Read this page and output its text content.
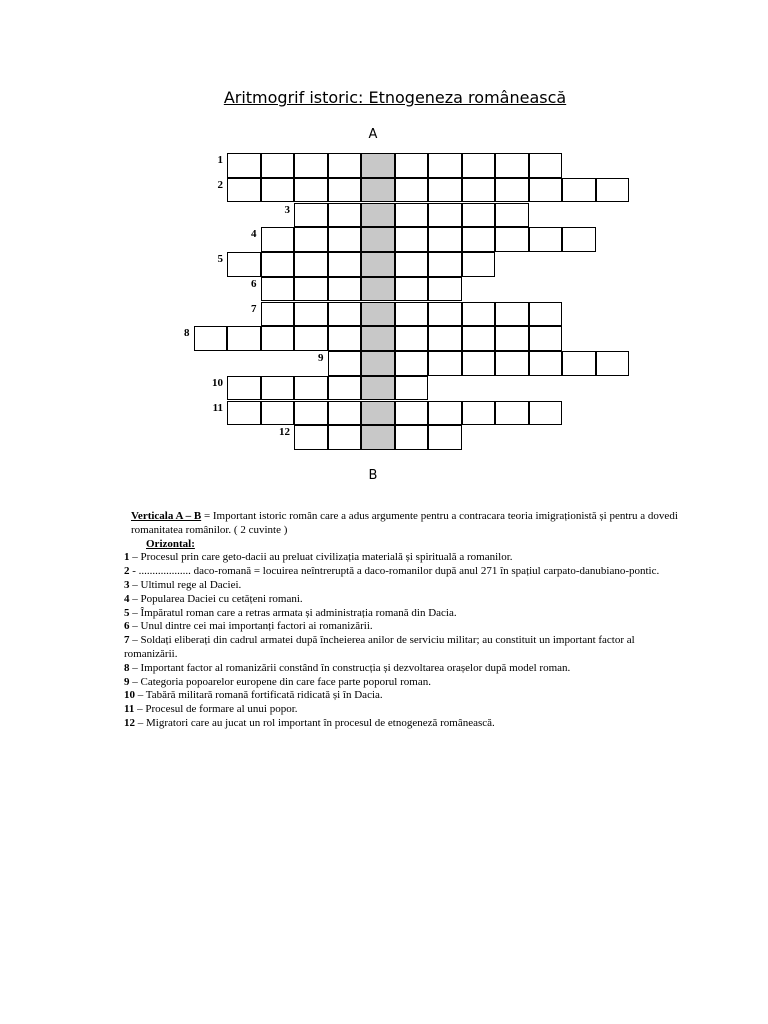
Aritmogrif istoric: Etnogeneza românească
A
1
2
3
4
5
6
7
8
9
10
11
12
B

Verticala A – B = Important istoric român care a adus argumente pentru a contracara teoria imigraționistă și pentru a dovedi romanitatea românilor. ( 2 cuvinte )

Orizontal:

1 – Procesul prin care geto-dacii au preluat civilizația materială și spirituală a romanilor.

2 - ................... daco-romană = locuirea neîntreruptă a daco-romanilor după anul 271 în spațiul carpato-danubiano-pontic.

3 – Ultimul rege al Daciei.

4 – Popularea Daciei cu cetățeni romani.

5 – Împăratul roman care a retras armata și administrația romană din Dacia.

6 – Unul dintre cei mai importanți factori ai romanizării.

7 – Soldați eliberați din cadrul armatei după încheierea anilor de serviciu militar; au constituit un important factor al romanizării.

8 – Important factor al romanizării constând în construcția și dezvoltarea orașelor după model roman.

9 – Categoria popoarelor europene din care face parte poporul roman.

10 – Tabără militară romană fortificată ridicată și în Dacia.

11 – Procesul de formare al unui popor.

12 – Migratori care au jucat un rol important în procesul de etnogeneză românească.
